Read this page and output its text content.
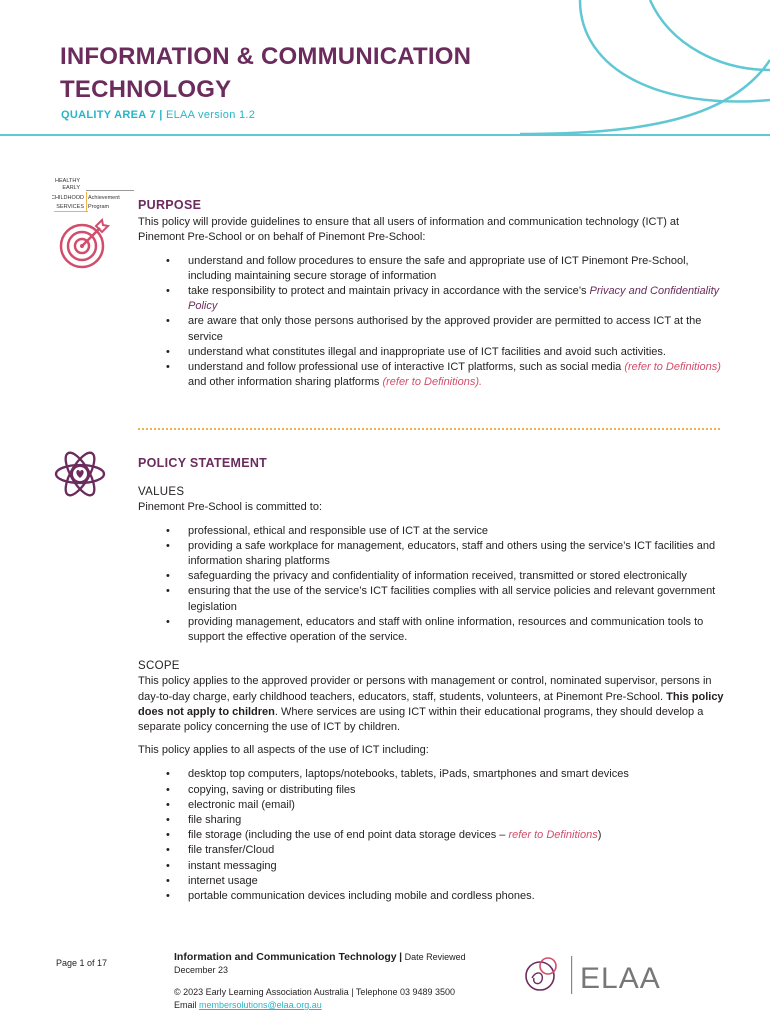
INFORMATION & COMMUNICATION TECHNOLOGY
QUALITY AREA 7 | ELAA version 1.2
HEALTHY
EARLY
CHILDHOOD
SERVICES
Achievement
Program PURPOSE

This policy will provide guidelines to ensure that all users of information and communication technology (ICT) at Pinemont Pre-School or on behalf of Pinemont Pre-School:

• understand and follow procedures to ensure the safe and appropriate use of ICT Pinemont Pre-School, including maintaining secure storage of information
• take responsibility to protect and maintain privacy in accordance with the service’s Privacy and Confidentiality Policy
• are aware that only those persons authorised by the approved provider are permitted to access ICT at the service
• understand what constitutes illegal and inappropriate use of ICT facilities and avoid such activities.
• understand and follow professional use of interactive ICT platforms, such as social media (refer to Definitions) and other information sharing platforms (refer to Definitions).
POLICY STATEMENT
VALUES

Pinemont Pre-School is committed to:

• professional, ethical and responsible use of ICT at the service
• providing a safe workplace for management, educators, staff and others using the service’s ICT facilities and information sharing platforms
• safeguarding the privacy and confidentiality of information received, transmitted or stored electronically
• ensuring that the use of the service’s ICT facilities complies with all service policies and relevant government legislation
• providing management, educators and staff with online information, resources and communication tools to support the effective operation of the service.
SCOPE

This policy applies to the approved provider or persons with management or control, nominated supervisor, persons in day-to-day charge, early childhood teachers, educators, staff, students, volunteers, at Pinemont Pre-School. This policy does not apply to children. Where services are using ICT within their educational programs, they should develop a separate policy concerning the use of ICT by children.

This policy applies to all aspects of the use of ICT including:

• desktop top computers, laptops/notebooks, tablets, iPads, smartphones and smart devices
• copying, saving or distributing files
• electronic mail (email)
• file sharing
• file storage (including the use of end point data storage devices – refer to Definitions)
• file transfer/Cloud
• instant messaging
• internet usage
• portable communication devices including mobile and cordless phones.
Page 1 of 17	Information and Communication Technology | Date Reviewed
December 23
© 2023 Early Learning Association Australia | Telephone 03 9489 3500
Email membersolutions@elaa.org.au
ELAA
